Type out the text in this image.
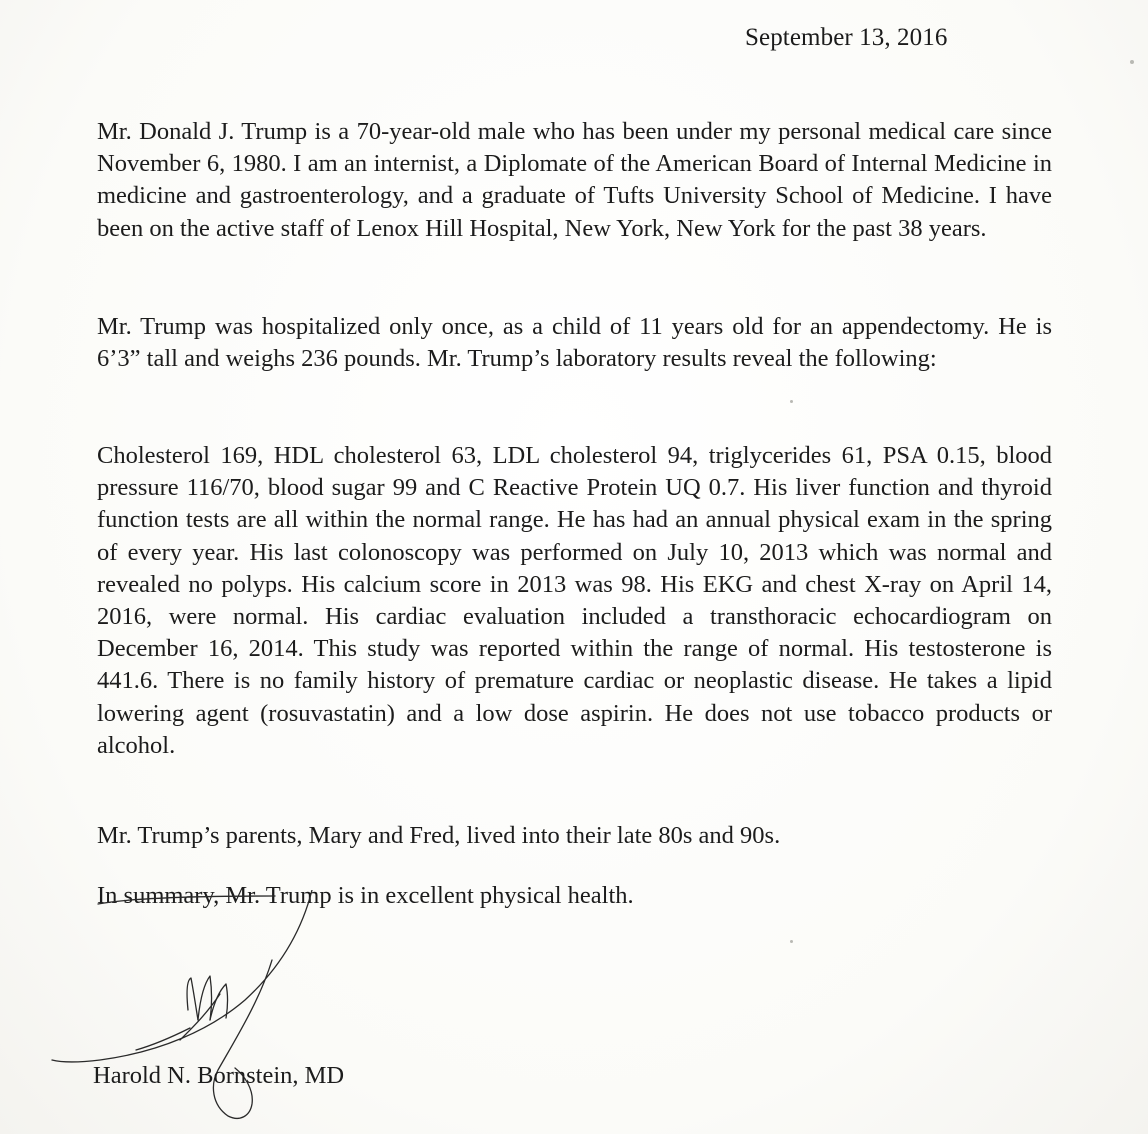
September 13, 2016

Mr. Donald J. Trump is a 70-year-old male who has been under my personal medical care since November 6, 1980. I am an internist, a Diplomate of the American Board of Internal Medicine in medicine and gastroenterology, and a graduate of Tufts University School of Medicine. I have been on the active staff of Lenox Hill Hospital, New York, New York for the past 38 years.

Mr. Trump was hospitalized only once, as a child of 11 years old for an appendectomy. He is 6’3” tall and weighs 236 pounds. Mr. Trump’s laboratory results reveal the following:

Cholesterol 169, HDL cholesterol 63, LDL cholesterol 94, triglycerides 61, PSA 0.15, blood pressure 116/70, blood sugar 99 and C Reactive Protein UQ 0.7. His liver function and thyroid function tests are all within the normal range. He has had an annual physical exam in the spring of every year. His last colonoscopy was performed on July 10, 2013 which was normal and revealed no polyps. His calcium score in 2013 was 98. His EKG and chest X-ray on April 14, 2016, were normal. His cardiac evaluation included a transthoracic echocardiogram on December 16, 2014. This study was reported within the range of normal. His testosterone is 441.6. There is no family history of premature cardiac or neoplastic disease. He takes a lipid lowering agent (rosuvastatin) and a low dose aspirin. He does not use tobacco products or alcohol.

Mr. Trump’s parents, Mary and Fred, lived into their late 80s and 90s.

In summary, Mr. Trump is in excellent physical health.

Harold N. Bornstein, MD
